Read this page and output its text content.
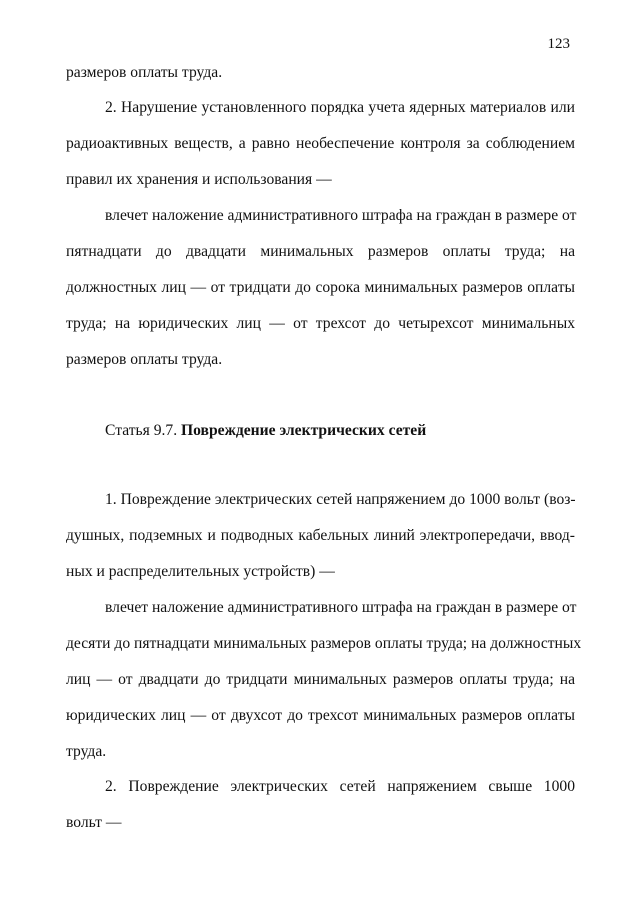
123
размеров оплаты труда.
2. Нарушение установленного порядка учета ядерных материалов или
радиоактивных веществ, а равно необеспечение контроля за соблюдением
правил их хранения и использования —
влечет наложение административного штрафа на граждан в размере от
пятнадцати до двадцати минимальных размеров оплаты труда; на
должностных лиц — от тридцати до сорока минимальных размеров оплаты
труда; на юридических лиц — от трехсот до четырехсот минимальных
размеров оплаты труда.
Статья 9.7. Повреждение электрических сетей
1. Повреждение электрических сетей напряжением до 1000 вольт (воз-
душных, подземных и подводных кабельных линий электропередачи, ввод-
ных и распределительных устройств) —
влечет наложение административного штрафа на граждан в размере от
десяти до пятнадцати минимальных размеров оплаты труда; на должностных
лиц — от двадцати до тридцати минимальных размеров оплаты труда; на
юридических лиц — от двухсот до трехсот минимальных размеров оплаты
труда.
2. Повреждение электрических сетей напряжением свыше 1000
вольт —
